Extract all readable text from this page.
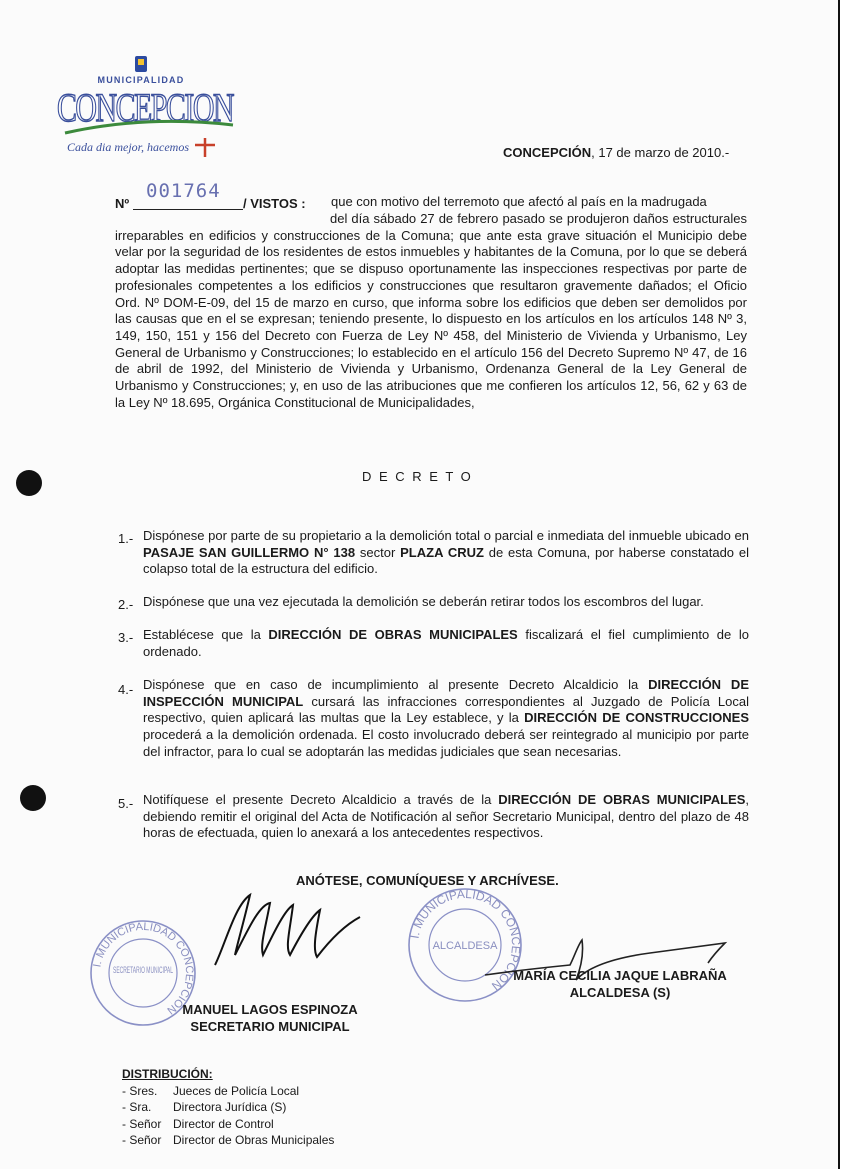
MUNICIPALIDAD
CONCEPCION
Cada dia mejor, hacemos	CONCEPCIÓN, 17 de marzo de 2010.-
Nº
001764
/ VISTOS : que con motivo del terremoto que afectó al país en la madrugada
del día sábado 27 de febrero pasado se produjeron daños estructurales irreparables en edificios y construcciones de la Comuna; que ante esta grave situación el Municipio debe velar por la seguridad de los residentes de estos inmuebles y habitantes de la Comuna, por lo que se deberá adoptar las medidas pertinentes; que se dispuso oportunamente las inspecciones respectivas por parte de profesionales competentes a los edificios y construcciones que resultaron gravemente dañados; el Oficio Ord. Nº DOM-E-09, del 15 de marzo en curso, que informa sobre los edificios que deben ser demolidos por las causas que en el se expresan; teniendo presente, lo dispuesto en los artículos en los artículos 148 Nº 3, 149, 150, 151 y 156 del Decreto con Fuerza de Ley Nº 458, del Ministerio de Vivienda y Urbanismo, Ley General de Urbanismo y Construcciones; lo establecido en el artículo 156 del Decreto Supremo Nº 47, de 16 de abril de 1992, del Ministerio de Vivienda y Urbanismo, Ordenanza General de la Ley General de Urbanismo y Construcciones; y, en uso de las atribuciones que me confieren los artículos 12, 56, 62 y 63 de la Ley Nº 18.695, Orgánica Constitucional de Municipalidades,
D E C R E T O
1.- Dispónese por parte de su propietario a la demolición total o parcial e inmediata del inmueble ubicado en PASAJE SAN GUILLERMO N° 138 sector PLAZA CRUZ de esta Comuna, por haberse constatado el colapso total de la estructura del edificio.
2.- Dispónese que una vez ejecutada la demolición se deberán retirar todos los escombros del lugar.
3.- Establécese que la DIRECCIÓN DE OBRAS MUNICIPALES fiscalizará el fiel cumplimiento de lo ordenado.
4.- Dispónese que en caso de incumplimiento al presente Decreto Alcaldicio la DIRECCIÓN DE INSPECCIÓN MUNICIPAL cursará las infracciones correspondientes al Juzgado de Policía Local respectivo, quien aplicará las multas que la Ley establece, y la DIRECCIÓN DE CONSTRUCCIONES procederá a la demolición ordenada. El costo involucrado deberá ser reintegrado al municipio por parte del infractor, para lo cual se adoptarán las medidas judiciales que sean necesarias.
5.- Notifíquese el presente Decreto Alcaldicio a través de la DIRECCIÓN DE OBRAS MUNICIPALES, debiendo remitir el original del Acta de Notificación al señor Secretario Municipal, dentro del plazo de 48 horas de efectuada, quien lo anexará a los antecedentes respectivos.
ANÓTESE, COMUNÍQUESE Y ARCHÍVESE.
I. MUNICIPALIDAD CONCEPCION
SECRETARIO MUNICIPAL
I. MUNICIPALIDAD CONCEPCION
ALCALDESA
MARÍA CECILIA JAQUE LABRAÑA
ALCALDESA (S)
MANUEL LAGOS ESPINOZA
SECRETARIO MUNICIPAL
DISTRIBUCIÓN:
- Sres.	Jueces de Policía Local
- Sra.	Directora Jurídica (S)
- Señor Director de Control
- Señor Director de Obras Municipales
